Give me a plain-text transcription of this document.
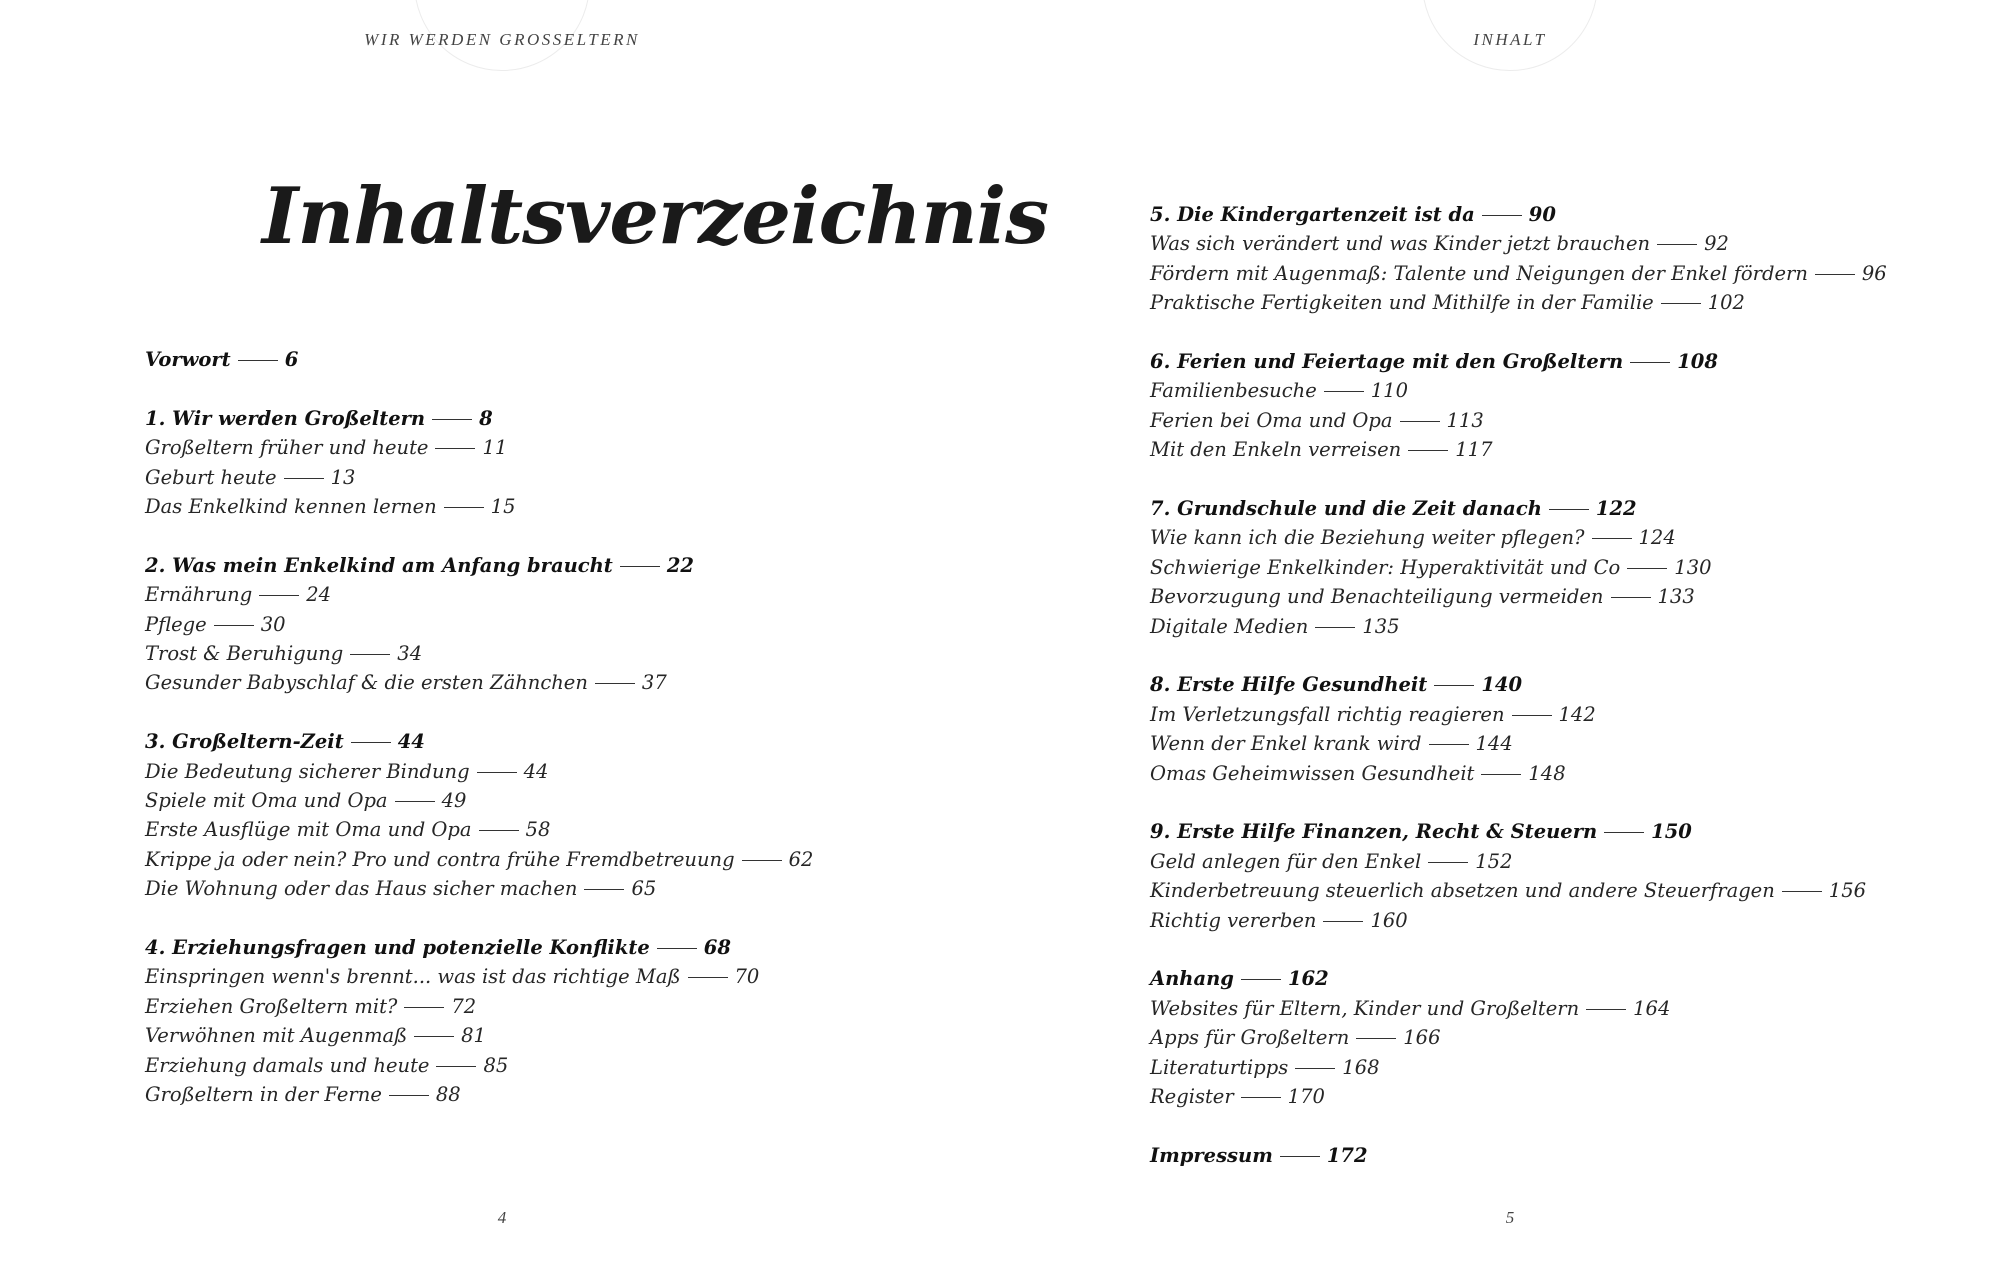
WIR WERDEN GROSSELTERN
Inhaltsverzeichnis
Vorwort	6
1. Wir werden Großeltern	8
Großeltern früher und heute	11
Geburt heute	13
Das Enkelkind kennen lernen	15
2. Was mein Enkelkind am Anfang braucht	22
Ernährung	24
Pflege	30
Trost & Beruhigung	34
Gesunder Babyschlaf & die ersten Zähnchen	37
3. Großeltern-Zeit	44
Die Bedeutung sicherer Bindung	44
Spiele mit Oma und Opa	49
Erste Ausflüge mit Oma und Opa	58
Krippe ja oder nein? Pro und contra frühe Fremdbetreuung	62
Die Wohnung oder das Haus sicher machen	65
4. Erziehungsfragen und potenzielle Konflikte	68
Einspringen wenn's brennt... was ist das richtige Maß	70
Erziehen Großeltern mit?	72
Verwöhnen mit Augenmaß	81
Erziehung damals und heute	85
Großeltern in der Ferne	88
4
INHALT
5. Die Kindergartenzeit ist da	90
Was sich verändert und was Kinder jetzt brauchen	92
Fördern mit Augenmaß: Talente und Neigungen der Enkel fördern	96
Praktische Fertigkeiten und Mithilfe in der Familie	102
6. Ferien und Feiertage mit den Großeltern	108
Familienbesuche	110
Ferien bei Oma und Opa	113
Mit den Enkeln verreisen	117
7. Grundschule und die Zeit danach	122
Wie kann ich die Beziehung weiter pflegen?	124
Schwierige Enkelkinder: Hyperaktivität und Co	130
Bevorzugung und Benachteiligung vermeiden	133
Digitale Medien	135
8. Erste Hilfe Gesundheit	140
Im Verletzungsfall richtig reagieren	142
Wenn der Enkel krank wird	144
Omas Geheimwissen Gesundheit	148
9. Erste Hilfe Finanzen, Recht & Steuern	150
Geld anlegen für den Enkel	152
Kinderbetreuung steuerlich absetzen und andere Steuerfragen	156
Richtig vererben	160
Anhang	162
Websites für Eltern, Kinder und Großeltern	164
Apps für Großeltern	166
Literaturtipps	168
Register	170
Impressum	172
5
